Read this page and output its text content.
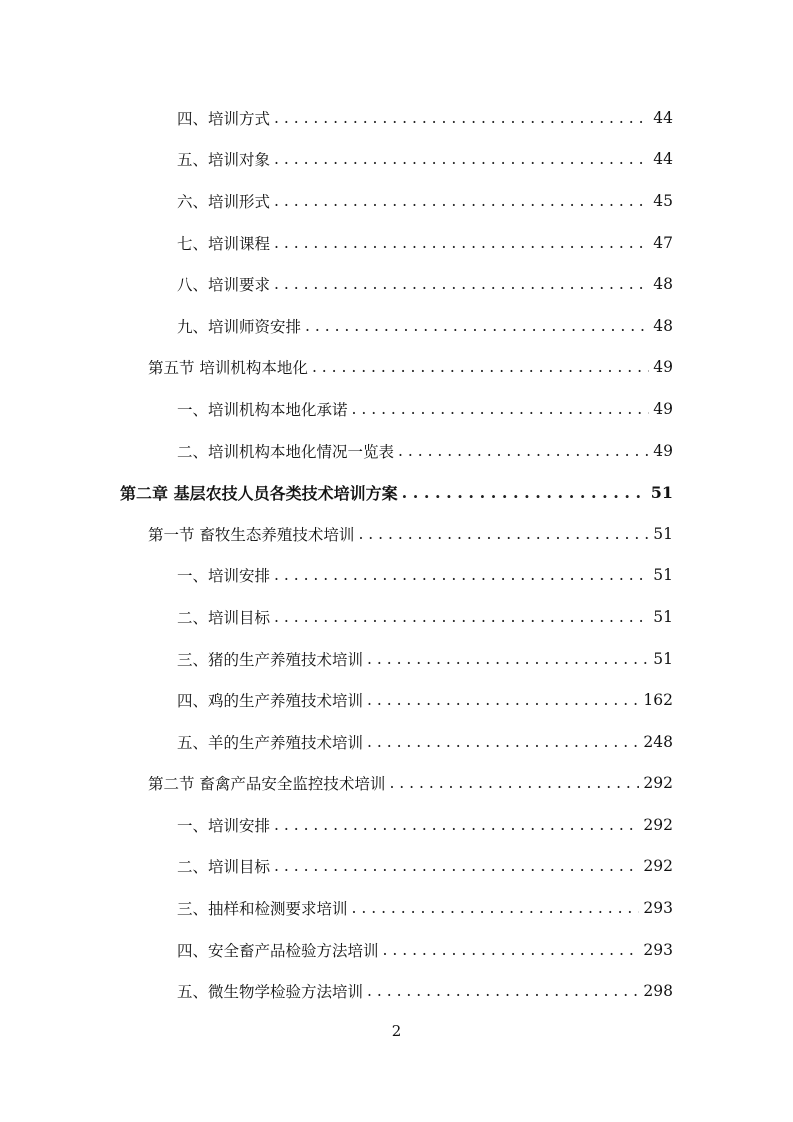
四、培训方式 . . .	44
五、培训对象 . . .	44
六、培训形式 . . .	45
七、培训课程 . . .	47
八、培训要求 . . .	48
九、培训师资安排 . . .	48
第五节 培训机构本地化 . . .	49
一、培训机构本地化承诺 . . .	49
二、培训机构本地化情况一览表 . . .	49
第二章 基层农技人员各类技术培训方案 . . .	51
第一节 畜牧生态养殖技术培训 . . .	51
一、培训安排 . . .	51
二、培训目标 . . .	51
三、猪的生产养殖技术培训 . . .	51
四、鸡的生产养殖技术培训 . . .	162
五、羊的生产养殖技术培训 . . .	248
第二节 畜禽产品安全监控技术培训 . . .	292
一、培训安排 . . .	292
二、培训目标 . . .	292
三、抽样和检测要求培训 . . .	293
四、安全畜产品检验方法培训 . . .	293
五、微生物学检验方法培训 . . .	298
2
